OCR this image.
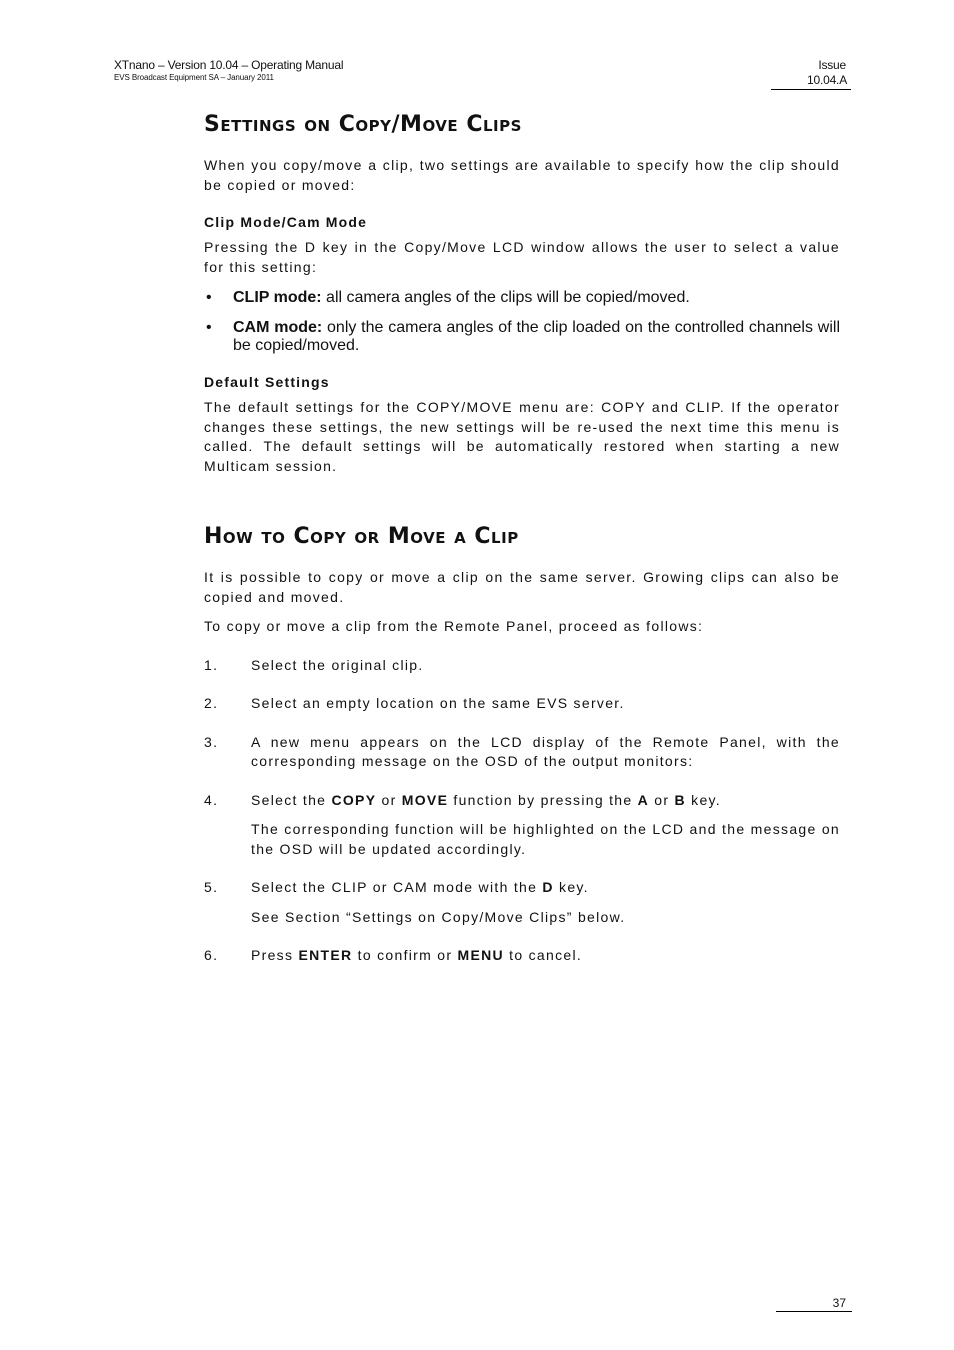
XTnano – Version 10.04 – Operating Manual
EVS Broadcast Equipment SA – January 2011
Issue
10.04.A
Settings on Copy/Move Clips

When you copy/move a clip, two settings are available to specify how the clip should be copied or moved:

Clip Mode/Cam Mode

Pressing the D key in the Copy/Move LCD window allows the user to select a value for this setting:

• CLIP mode: all camera angles of the clips will be copied/moved.
• CAM mode: only the camera angles of the clip loaded on the controlled channels will be copied/moved.
Default Settings

The default settings for the COPY/MOVE menu are: COPY and CLIP. If the operator changes these settings, the new settings will be re-used the next time this menu is called. The default settings will be automatically restored when starting a new Multicam session.

How to Copy or Move a Clip

It is possible to copy or move a clip on the same server. Growing clips can also be copied and moved.

To copy or move a clip from the Remote Panel, proceed as follows:

1. Select the original clip.
2. Select an empty location on the same EVS server.
3. A new menu appears on the LCD display of the Remote Panel, with the corresponding message on the OSD of the output monitors:
4. Select the COPY or MOVE function by pressing the A or B key.
The corresponding function will be highlighted on the LCD and the message on the OSD will be updated accordingly.
5. Select the CLIP or CAM mode with the D key.
See Section “Settings on Copy/Move Clips” below.
6. Press ENTER to confirm or MENU to cancel.
37
